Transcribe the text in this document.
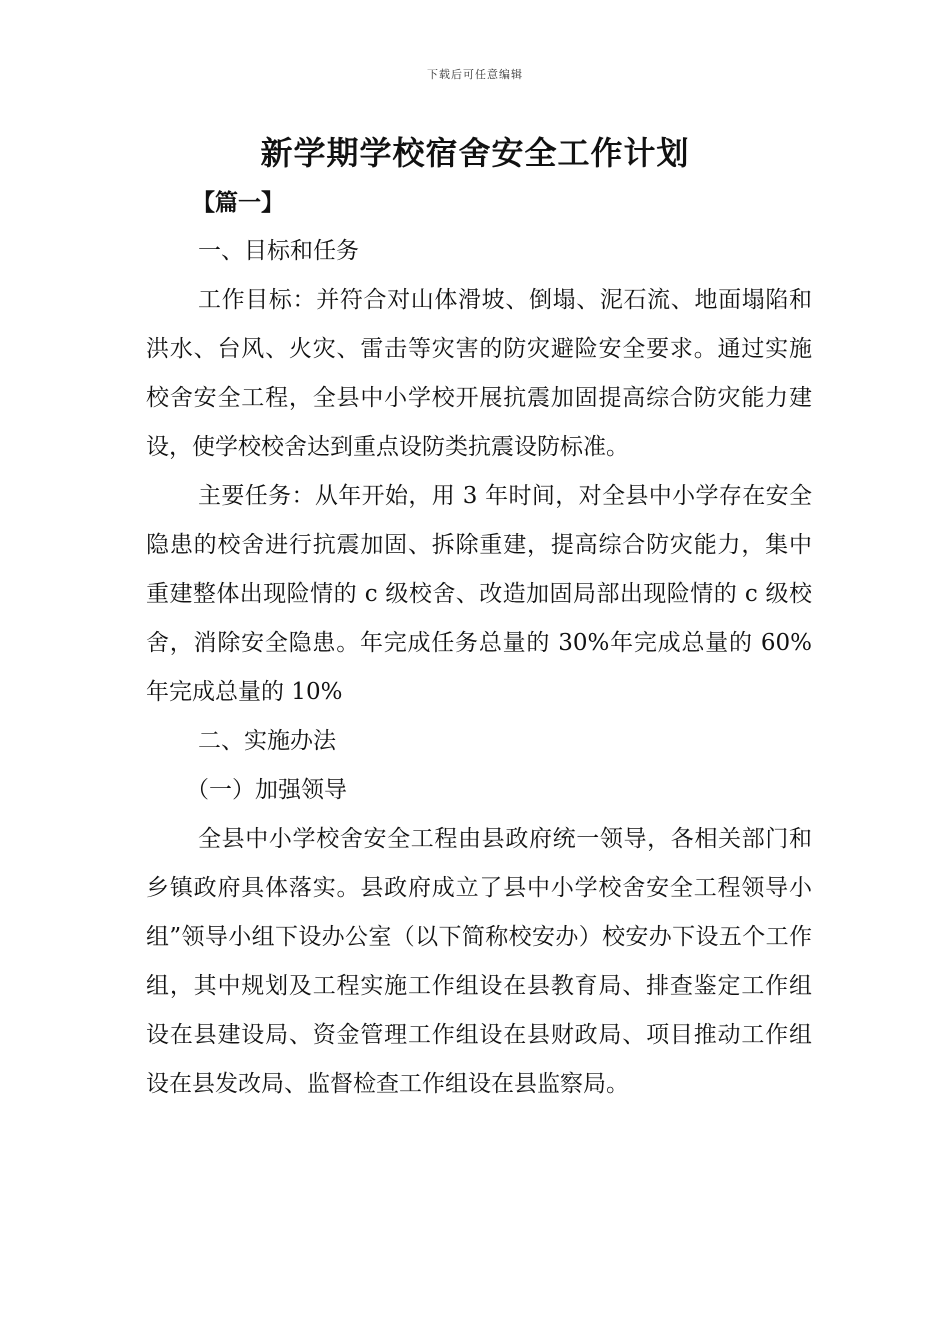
下载后可任意编辑
新学期学校宿舍安全工作计划

【篇一】

一、目标和任务

工作目标：并符合对山体滑坡、倒塌、泥石流、地面塌陷和洪水、台风、火灾、雷击等灾害的防灾避险安全要求。通过实施校舍安全工程，全县中小学校开展抗震加固提高综合防灾能力建设，使学校校舍达到重点设防类抗震设防标准。

主要任务：从年开始，用 3 年时间，对全县中小学存在安全隐患的校舍进行抗震加固、拆除重建，提高综合防灾能力，集中重建整体出现险情的 c 级校舍、改造加固局部出现险情的 c 级校舍，消除安全隐患。年完成任务总量的 30%年完成总量的 60%年完成总量的 10%

二、实施办法

（一）加强领导

全县中小学校舍安全工程由县政府统一领导，各相关部门和乡镇政府具体落实。县政府成立了县中小学校舍安全工程领导小组”领导小组下设办公室（以下简称校安办）校安办下设五个工作组，其中规划及工程实施工作组设在县教育局、排查鉴定工作组设在县建设局、资金管理工作组设在县财政局、项目推动工作组设在县发改局、监督检查工作组设在县监察局。
